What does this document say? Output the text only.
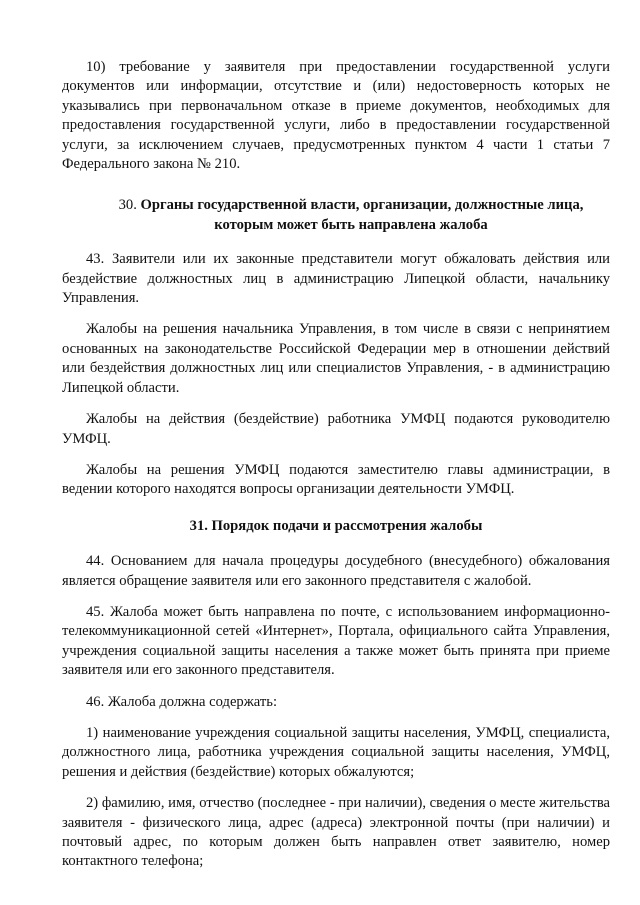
10) требование у заявителя при предоставлении государственной услуги документов или информации, отсутствие и (или) недостоверность которых не указывались при первоначальном отказе в приеме документов, необходимых для предоставления государственной услуги, либо в предоставлении государственной услуги, за исключением случаев, предусмотренных пунктом 4 части 1 статьи 7 Федерального закона № 210.

30. Органы государственной власти, организации, должностные лица, которым может быть направлена жалоба

43. Заявители или их законные представители могут обжаловать действия или бездействие должностных лиц в администрацию Липецкой области, начальнику Управления.

Жалобы на решения начальника Управления, в том числе в связи с непринятием основанных на законодательстве Российской Федерации мер в отношении действий или бездействия должностных лиц или специалистов Управления, - в администрацию Липецкой области.

Жалобы на действия (бездействие) работника УМФЦ подаются руководителю УМФЦ.

Жалобы на решения УМФЦ подаются заместителю главы администрации, в ведении которого находятся вопросы организации деятельности УМФЦ.

31. Порядок подачи и рассмотрения жалобы

44. Основанием для начала процедуры досудебного (внесудебного) обжалования является обращение заявителя или его законного представителя с жалобой.

45. Жалоба может быть направлена по почте, с использованием информационно-телекоммуникационной сетей «Интернет», Портала, официального сайта Управления, учреждения социальной защиты населения а также может быть принята при приеме заявителя или его законного представителя.

46. Жалоба должна содержать:

1) наименование учреждения социальной защиты населения, УМФЦ, специалиста, должностного лица, работника учреждения социальной защиты населения, УМФЦ, решения и действия (бездействие) которых обжалуются;

2) фамилию, имя, отчество (последнее - при наличии), сведения о месте жительства заявителя - физического лица, адрес (адреса) электронной почты (при наличии) и почтовый адрес, по которым должен быть направлен ответ заявителю, номер контактного телефона;
